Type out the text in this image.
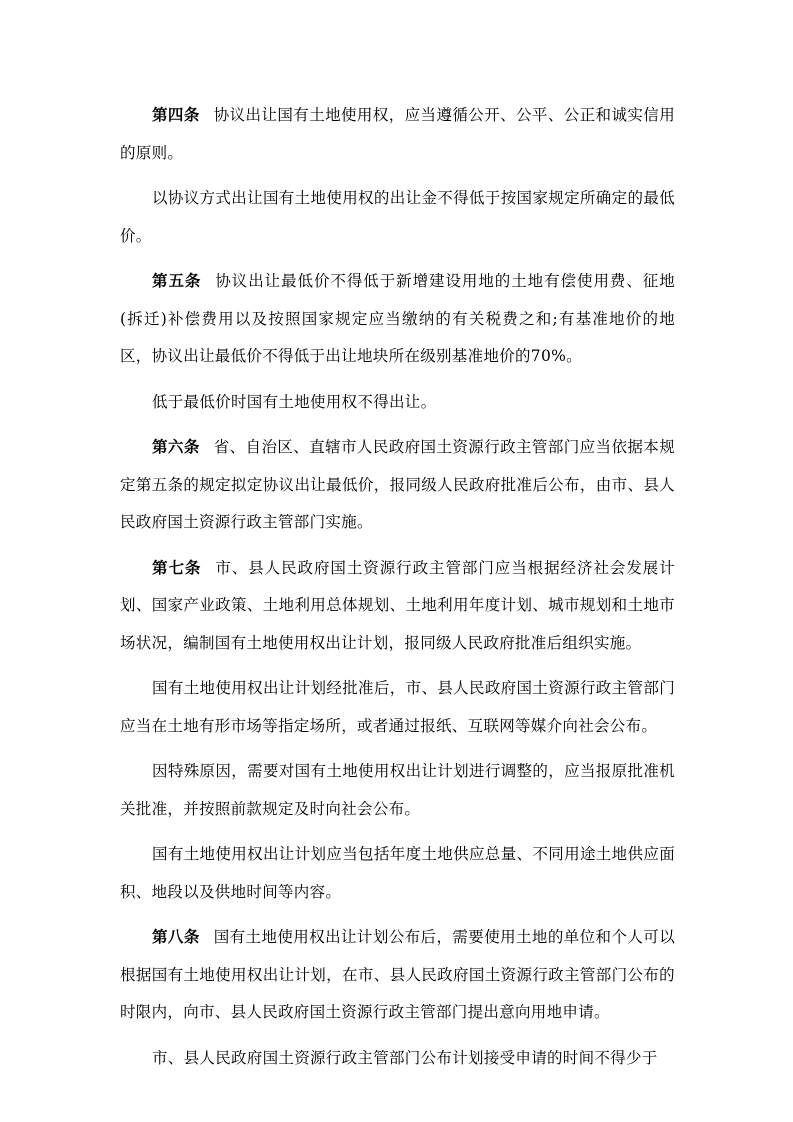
第四条 协议出让国有土地使用权，应当遵循公开、公平、公正和诚实信用的原则。

以协议方式出让国有土地使用权的出让金不得低于按国家规定所确定的最低价。

第五条 协议出让最低价不得低于新增建设用地的土地有偿使用费、征地(拆迁)补偿费用以及按照国家规定应当缴纳的有关税费之和;有基准地价的地区，协议出让最低价不得低于出让地块所在级别基准地价的70%。

低于最低价时国有土地使用权不得出让。

第六条 省、自治区、直辖市人民政府国土资源行政主管部门应当依据本规定第五条的规定拟定协议出让最低价，报同级人民政府批准后公布，由市、县人民政府国土资源行政主管部门实施。

第七条 市、县人民政府国土资源行政主管部门应当根据经济社会发展计划、国家产业政策、土地利用总体规划、土地利用年度计划、城市规划和土地市场状况，编制国有土地使用权出让计划，报同级人民政府批准后组织实施。

国有土地使用权出让计划经批准后，市、县人民政府国土资源行政主管部门应当在土地有形市场等指定场所，或者通过报纸、互联网等媒介向社会公布。

因特殊原因，需要对国有土地使用权出让计划进行调整的，应当报原批准机关批准，并按照前款规定及时向社会公布。

国有土地使用权出让计划应当包括年度土地供应总量、不同用途土地供应面积、地段以及供地时间等内容。

第八条 国有土地使用权出让计划公布后，需要使用土地的单位和个人可以根据国有土地使用权出让计划，在市、县人民政府国土资源行政主管部门公布的时限内，向市、县人民政府国土资源行政主管部门提出意向用地申请。

市、县人民政府国土资源行政主管部门公布计划接受申请的时间不得少于
